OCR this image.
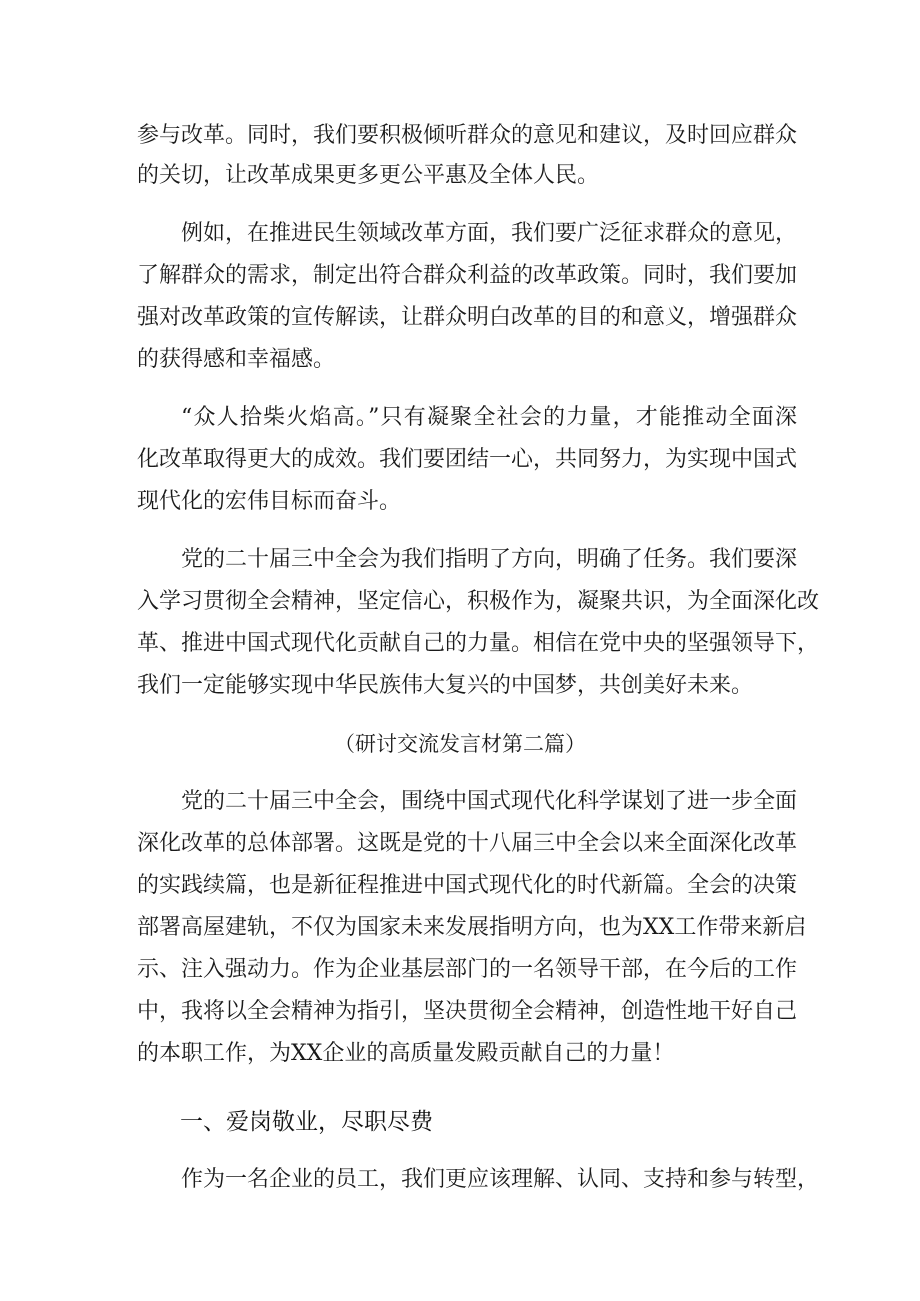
参与改革。同时，我们要积极倾听群众的意见和建议，及时回应群众
的关切，让改革成果更多更公平惠及全体人民。
例如，在推进民生领域改革方面，我们要广泛征求群众的意见，
了解群众的需求，制定出符合群众利益的改革政策。同时，我们要加
强对改革政策的宣传解读，让群众明白改革的目的和意义，增强群众
的获得感和幸福感。
“众人拾柴火焰高。”只有凝聚全社会的力量，才能推动全面深
化改革取得更大的成效。我们要团结一心，共同努力，为实现中国式
现代化的宏伟目标而奋斗。
党的二十届三中全会为我们指明了方向，明确了任务。我们要深
入学习贯彻全会精神，坚定信心，积极作为，凝聚共识，为全面深化改
革、推进中国式现代化贡献自己的力量。相信在党中央的坚强领导下，
我们一定能够实现中华民族伟大复兴的中国梦，共创美好未来。
（研讨交流发言材第二篇）
党的二十届三中全会，围绕中国式现代化科学谋划了进一步全面
深化改革的总体部署。这既是党的十八届三中全会以来全面深化改革
的实践续篇，也是新征程推进中国式现代化的时代新篇。全会的决策
部署高屋建轨，不仅为国家未来发展指明方向，也为XX工作带来新启
示、注入强动力。作为企业基层部门的一名领导干部，在今后的工作
中，我将以全会精神为指引，坚决贯彻全会精神，创造性地干好自己
的本职工作，为XX企业的高质量发殿贡献自己的力量！
一、爱岗敬业，尽职尽费
作为一名企业的员工，我们更应该理解、认同、支持和参与转型，
